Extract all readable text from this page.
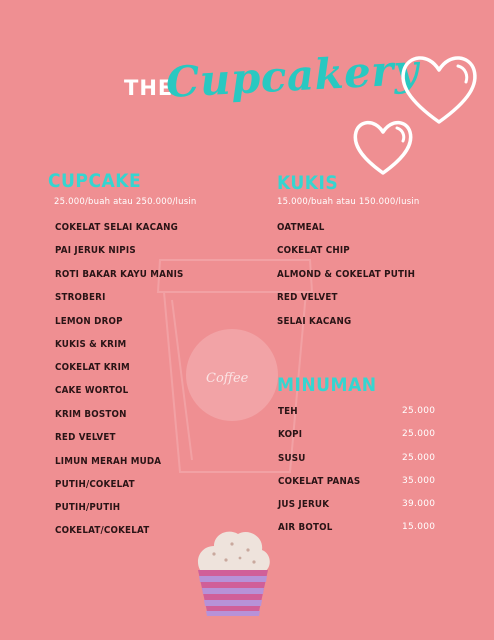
Coffee
THE
Cupcakery
CUPCAKE
25.000/buah atau 250.000/lusin
COKELAT SELAI KACANG
PAI JERUK NIPIS
ROTI BAKAR KAYU MANIS
STROBERI
LEMON DROP
KUKIS & KRIM
COKELAT KRIM
CAKE WORTOL
KRIM BOSTON
RED VELVET
LIMUN MERAH MUDA
PUTIH/COKELAT
PUTIH/PUTIH
COKELAT/COKELAT
KUKIS
15.000/buah atau 150.000/lusin
OATMEAL
COKELAT CHIP
ALMOND & COKELAT PUTIH
RED VELVET
SELAI KACANG
MINUMAN
TEH	25.000
KOPI	25.000
SUSU	25.000
COKELAT PANAS	35.000
JUS JERUK	39.000
AIR BOTOL	15.000
